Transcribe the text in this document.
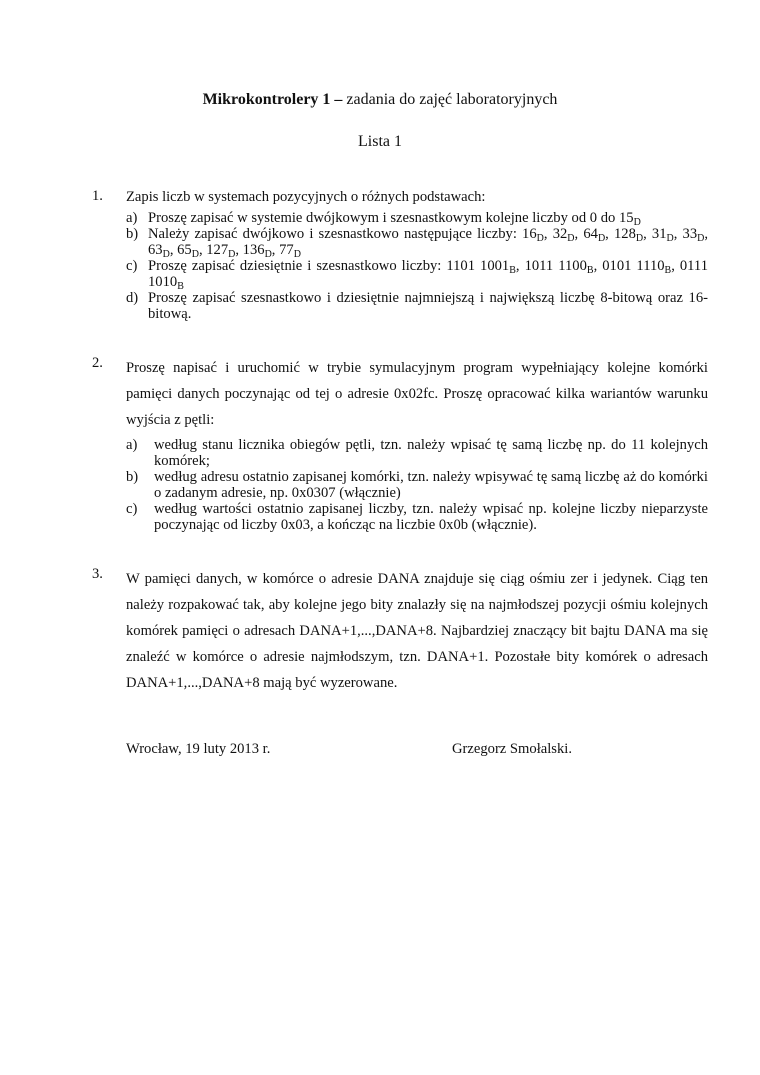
Mikrokontrolery 1 – zadania do zajęć laboratoryjnych
Lista 1
1. Zapis liczb w systemach pozycyjnych o różnych podstawach:

a) Proszę zapisać w systemie dwójkowym i szesnastkowym kolejne liczby od 0 do $15_D$
b) Należy zapisać dwójkowo i szesnastkowo następujące liczby: $16_D$, $32_D$, $64_D$, $128_D$, $31_D$, $33_D$, $63_D$, $65_D$, $127_D$, $136_D$, $77_D$
c) Proszę zapisać dziesiętnie i szesnastkowo liczby: 1101 $1001_B$, 1011 $1100_B$, 0101 $1110_B$, 0111 $1010_B$
d) Proszę zapisać szesnastkowo i dziesiętnie najmniejszą i największą liczbę 8-bitową oraz 16-bitową.
2. Proszę napisać i uruchomić w trybie symulacyjnym program wypełniający kolejne komórki pamięci danych poczynając od tej o adresie 0x02fc. Proszę opracować kilka wariantów warunku wyjścia z pętli:

a) według stanu licznika obiegów pętli, tzn. należy wpisać tę samą liczbę np. do 11 kolejnych komórek;
b) według adresu ostatnio zapisanej komórki, tzn. należy wpisywać tę samą liczbę aż do komórki o zadanym adresie, np. 0x0307 (włącznie)
c) według wartości ostatnio zapisanej liczby, tzn. należy wpisać np. kolejne liczby nieparzyste poczynając od liczby 0x03, a kończąc na liczbie 0x0b (włącznie).
3. W pamięci danych, w komórce o adresie DANA znajduje się ciąg ośmiu zer i jedynek. Ciąg ten należy rozpakować tak, aby kolejne jego bity znalazły się na najmłodszej pozycji ośmiu kolejnych komórek pamięci o adresach DANA+1,...,DANA+8. Najbardziej znaczący bit bajtu DANA ma się znaleźć w komórce o adresie najmłodszym, tzn. DANA+1. Pozostałe bity komórek o adresach DANA+1,...,DANA+8 mają być wyzerowane.

Wrocław, 19 luty 2013 r.	Grzegorz Smołalski.
